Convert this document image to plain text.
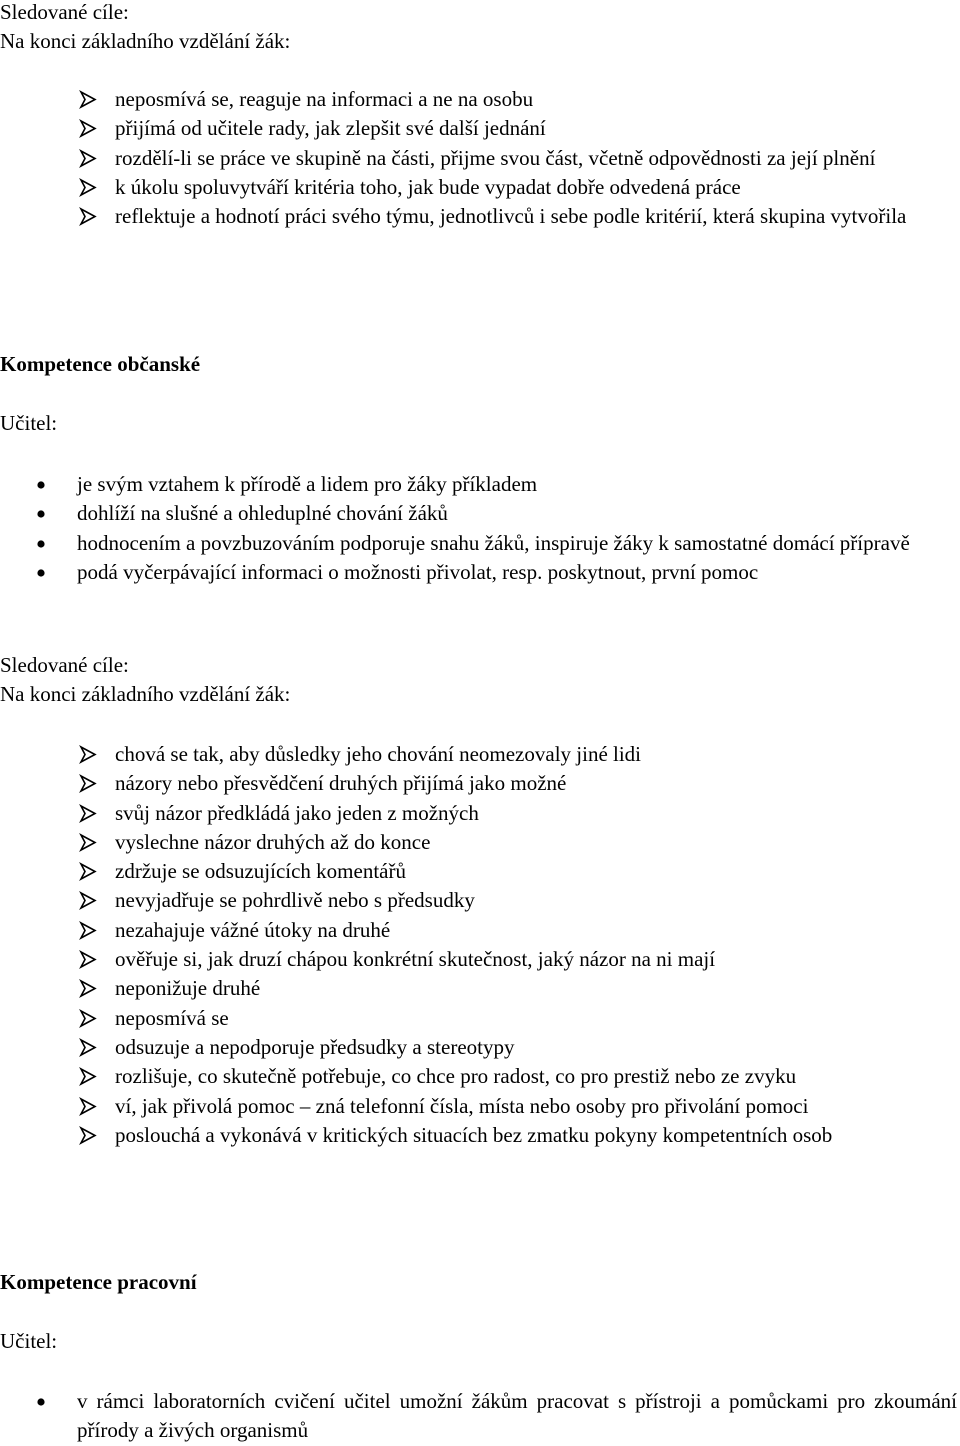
Sledované cíle:

Na konci základního vzdělání žák:

neposmívá se, reaguje na informaci a ne na osobu
přijímá od učitele rady, jak zlepšit své další jednání
rozdělí-li se práce ve skupině na části, přijme svou část, včetně odpovědnosti za její plnění
k úkolu spoluvytváří kritéria toho, jak bude vypadat dobře odvedená práce
reflektuje a hodnotí práci svého týmu, jednotlivců i sebe podle kritérií, která skupina vytvořila

Kompetence občanské

Učitel:

je svým vztahem k přírodě a lidem pro žáky příkladem
dohlíží na slušné a ohleduplné chování žáků
hodnocením a povzbuzováním podporuje snahu žáků, inspiruje žáky k samostatné domácí přípravě
podá vyčerpávající informaci o možnosti přivolat, resp. poskytnout, první pomoc

Sledované cíle:

Na konci základního vzdělání žák:

chová se tak, aby důsledky jeho chování neomezovaly jiné lidi
názory nebo přesvědčení druhých přijímá jako možné
svůj názor předkládá jako jeden z možných
vyslechne názor druhých až do konce
zdržuje se odsuzujících komentářů
nevyjadřuje se pohrdlivě nebo s předsudky
nezahajuje vážné útoky na druhé
ověřuje si, jak druzí chápou konkrétní skutečnost, jaký názor na ni mají
neponižuje druhé
neposmívá se
odsuzuje a nepodporuje předsudky a stereotypy
rozlišuje, co skutečně potřebuje, co chce pro radost, co pro prestiž nebo ze zvyku
ví, jak přivolá pomoc – zná telefonní čísla, místa nebo osoby pro přivolání pomoci
poslouchá a vykonává v kritických situacích bez zmatku pokyny kompetentních osob

Kompetence pracovní

Učitel:

v rámci laboratorních cvičení učitel umožní žákům pracovat s přístroji a pomůckami pro zkoumání přírody a živých organismů
